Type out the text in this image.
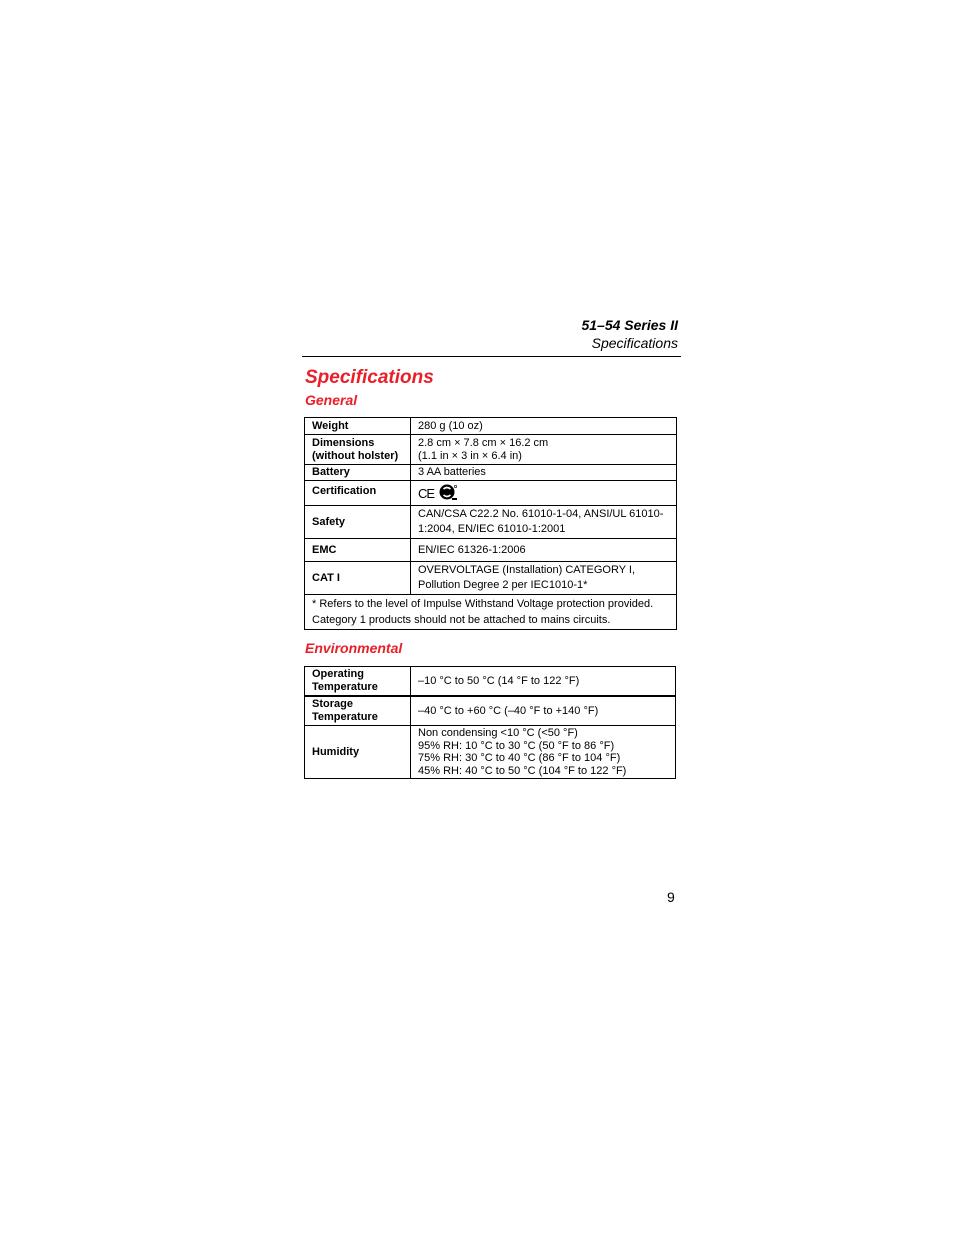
51–54 Series II
Specifications
Specifications
General
Weight	280 g (10 oz)
Dimensions (without holster)	2.8 cm × 7.8 cm × 16.2 cm
(1.1 in × 3 in × 6.4 in)

Battery	3 AA batteries
Certification	CE

Safety	CAN/CSA C22.2 No. 61010-1-04, ANSI/UL 61010-1:2004, EN/IEC 61010-1:2001
EMC	EN/IEC 61326-1:2006
CAT I	OVERVOLTAGE (Installation) CATEGORY I, Pollution Degree 2 per IEC1010-1*
* Refers to the level of Impulse Withstand Voltage protection provided. Category 1 products should not be attached to mains circuits.	
Environmental
Operating Temperature	–10 °C to 50 °C (14 °F to 122 °F)
Storage Temperature	–40 °C to +60 °C (–40 °F to +140 °F)
Humidity	Non condensing <10 °C (<50 °F)
95% RH: 10 °C to 30 °C (50 °F to 86 °F)
75% RH: 30 °C to 40 °C (86 °F to 104 °F)
45% RH: 40 °C to 50 °C (104 °F to 122 °F)
9
